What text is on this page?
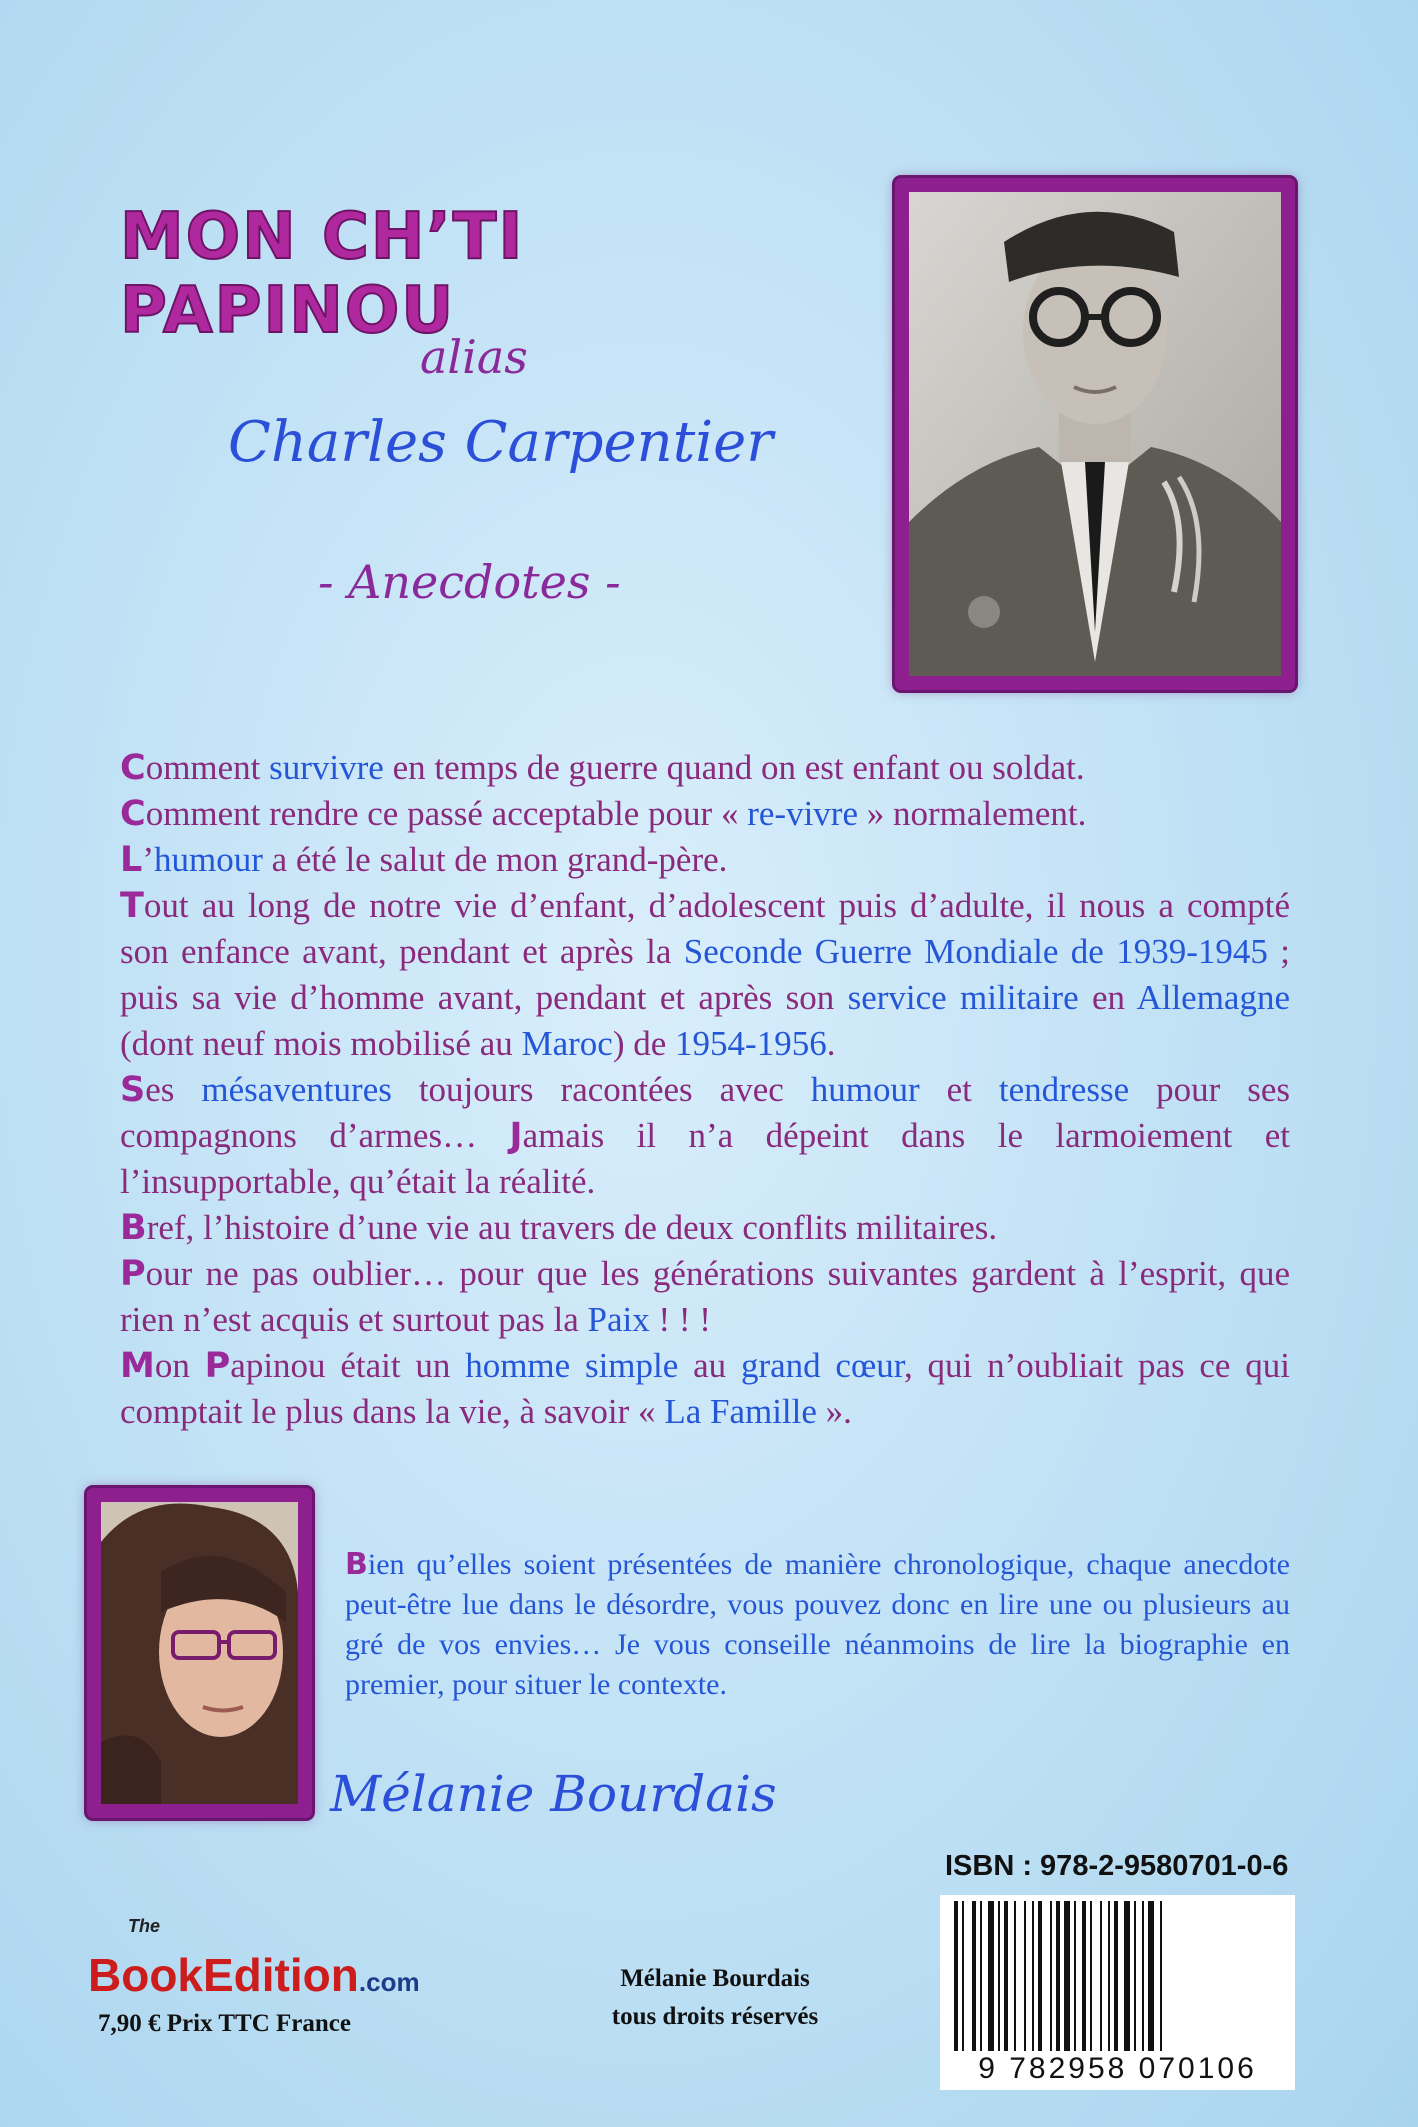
MON CH’TI PAPINOU
alias
Charles Carpentier
- Anecdotes -

Comment survivre en temps de guerre quand on est enfant ou soldat.

Comment rendre ce passé acceptable pour « re-vivre » normalement.

L’humour a été le salut de mon grand-père.

Tout au long de notre vie d’enfant, d’adolescent puis d’adulte, il nous a compté son enfance avant, pendant et après la Seconde Guerre Mondiale de 1939-1945 ; puis sa vie d’homme avant, pendant et après son service militaire en Allemagne (dont neuf mois mobilisé au Maroc) de 1954-1956.

Ses mésaventures toujours racontées avec humour et tendresse pour ses compagnons d’armes… Jamais il n’a dépeint dans le larmoiement et l’insupportable, qu’était la réalité.

Bref, l’histoire d’une vie au travers de deux conflits militaires.

Pour ne pas oublier… pour que les générations suivantes gardent à l’esprit, que rien n’est acquis et surtout pas la Paix ! ! !

Mon Papinou était un homme simple au grand cœur, qui n’oubliait pas ce qui comptait le plus dans la vie, à savoir « La Famille ».

Bien qu’elles soient présentées de manière chronologique, chaque anecdote peut-être lue dans le désordre, vous pouvez donc en lire une ou plusieurs au gré de vos envies… Je vous conseille néanmoins de lire la biographie en premier, pour situer le contexte.
Mélanie Bourdais
ISBN : 978-2-9580701-0-6
9 782958 070106
The
BookEdition.com
7,90 € Prix TTC France
Mélanie Bourdais
tous droits réservés
